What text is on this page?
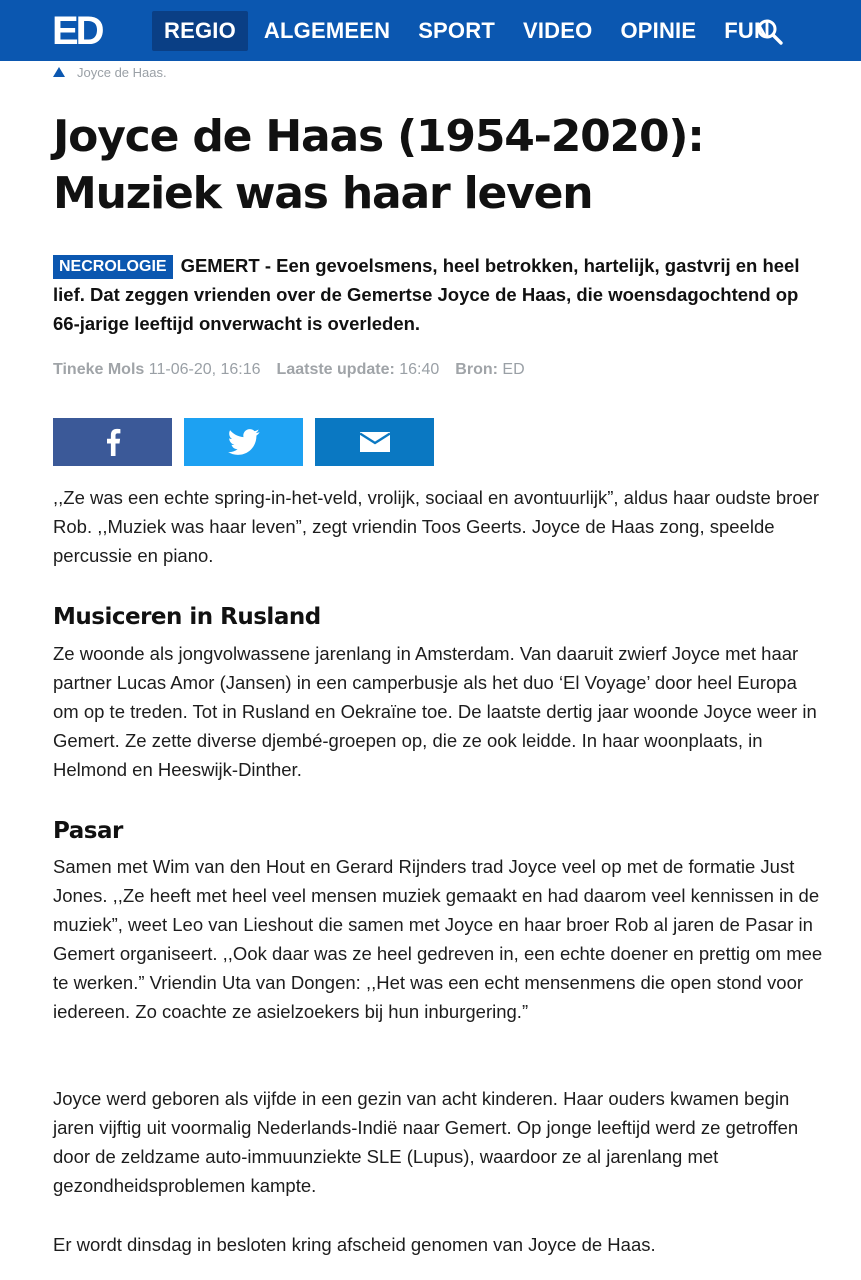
ED	REGIO	ALGEMEEN	SPORT	VIDEO	OPINIE	FUN
Joyce de Haas.
Joyce de Haas (1954-2020): Muziek was haar leven

NECROLOGIE GEMERT - Een gevoelsmens, heel betrokken, hartelijk, gastvrij en heel lief. Dat zeggen vrienden over de Gemertse Joyce de Haas, die woensdagochtend op 66-jarige leeftijd onverwacht is overleden.

Tineke Mols
11-06-20, 16:16 Laatste update:
16:40 Bron:
ED

,,Ze was een echte spring-in-het-veld, vrolijk, sociaal en avontuurlijk”, aldus haar oudste broer Rob. ,,Muziek was haar leven”, zegt vriendin Toos Geerts. Joyce de Haas zong, speelde percussie en piano.

Musiceren in Rusland

Ze woonde als jongvolwassene jarenlang in Amsterdam. Van daaruit zwierf Joyce met haar partner Lucas Amor (Jansen) in een camperbusje als het duo ‘El Voyage’ door heel Europa om op te treden. Tot in Rusland en Oekraïne toe. De laatste dertig jaar woonde Joyce weer in Gemert. Ze zette diverse djembé-groepen op, die ze ook leidde. In haar woonplaats, in Helmond en Heeswijk-Dinther.

Pasar

Samen met Wim van den Hout en Gerard Rijnders trad Joyce veel op met de formatie Just Jones. ,,Ze heeft met heel veel mensen muziek gemaakt en had daarom veel kennissen in de muziek”, weet Leo van Lieshout die samen met Joyce en haar broer Rob al jaren de Pasar in Gemert organiseert. ,,Ook daar was ze heel gedreven in, een echte doener en prettig om mee te werken.” Vriendin Uta van Dongen: ,,Het was een echt mensenmens die open stond voor iedereen. Zo coachte ze asielzoekers bij hun inburgering.”

Joyce werd geboren als vijfde in een gezin van acht kinderen. Haar ouders kwamen begin jaren vijftig uit voormalig Nederlands-Indië naar Gemert. Op jonge leeftijd werd ze getroffen door de zeldzame auto-immuunziekte SLE (Lupus), waardoor ze al jarenlang met gezondheidsproblemen kampte.

Er wordt dinsdag in besloten kring afscheid genomen van Joyce de Haas.
